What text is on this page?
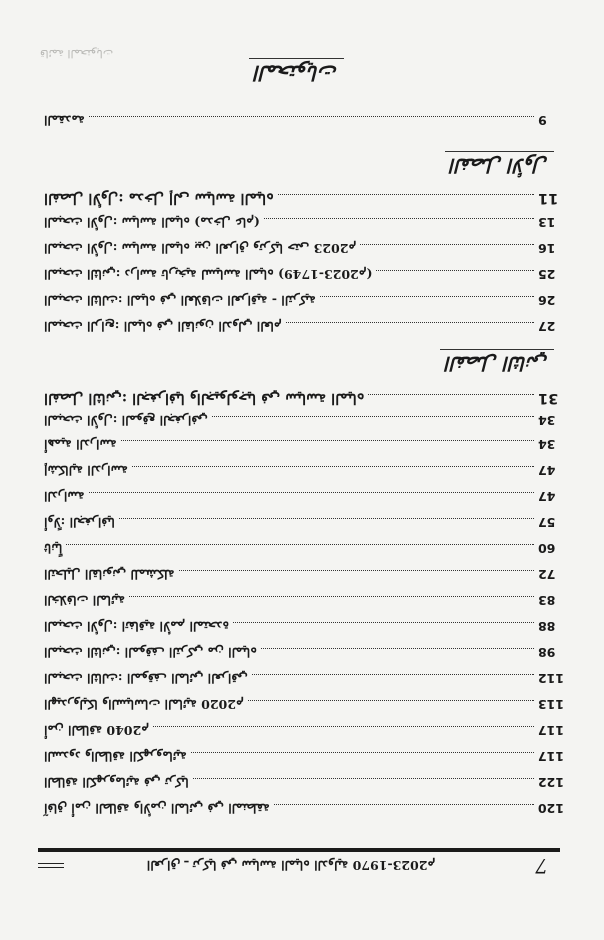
7
العراق ـ تركيا في سياسة المياه الدولية 1970-2023م
120
آفاق أمن الطاقة والأمن المائي في المنطقة
122
الطاقة الكهرومائية في تركيا
117
السدود والطاقة الكهرومائية
117
أمن الطاقة 2040م
113
الهيدروليكا والسياسات المائية 2020م
112
المبحث الثالث: الموقف المائي العراقي
98
المبحث الثاني: الموقف التركي من المياه
88
المبحث الأول: اتفاقية الأمم المتحدة
83
الخلافات المائية
72
التحليل القانوني للمشكلة
60
ثانياً
57
أولاً: الجغرافيا
47
الدراسة
47
إشكالية الدراسة
34
أهمية الدراسة
34
المبحث الأول: الموقع الجغرافي
31
الفصل الثاني: الجغرافيا والجيولوجيا في سياسة المياه
الفصل الثاني
27
المبحث الرابع: المياه في القانون الدولي العام
26
المبحث الثالث: المياه في العلاقات العراقية - التركية
25
المبحث الثاني: دراسة تاريخية لسياسة المياه (1749-2023م)
16
المبحث الأول: سياسة المياه بين العراق وتركيا حتى 2023م
13
المبحث الأول: سياسة المياه (مدخل عام)
11
الفصل الأول: مدخل إلى سياسة المياه
الفصل الأول
9
المقدمة
المحتويات
قائمة المحتويات
